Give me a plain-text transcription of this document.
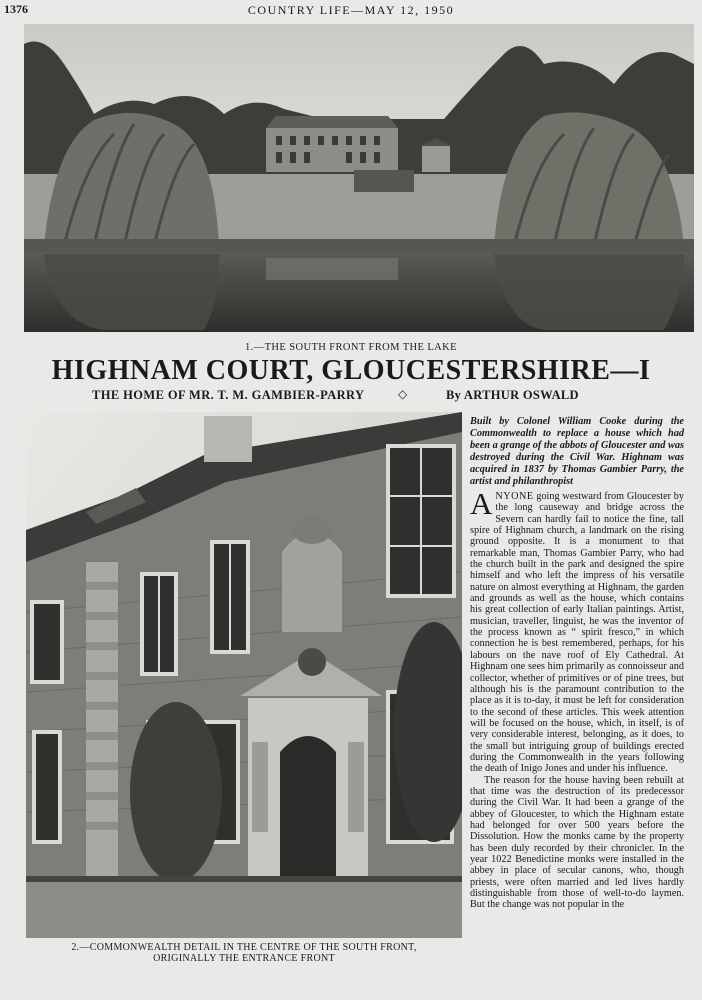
1376	COUNTRY LIFE—MAY 12, 1950
1.—THE SOUTH FRONT FROM THE LAKE
HIGHNAM COURT, GLOUCESTERSHIRE—I
THE HOME OF MR. T. M. GAMBIER-PARRY	◇	By ARTHUR OSWALD
2.—COMMONWEALTH DETAIL IN THE CENTRE OF THE SOUTH FRONT,
ORIGINALLY THE ENTRANCE FRONT
Built by Colonel William Cooke during the Commonwealth to replace a house which had been a grange of the abbots of Gloucester and was destroyed during the Civil War. Highnam was acquired in 1837 by Thomas Gambier Parry, the artist and philanthropist

ANYONE going westward from Gloucester by the long causeway and bridge across the Severn can hardly fail to notice the fine, tall spire of Highnam church, a landmark on the rising ground opposite. It is a monument to that remarkable man, Thomas Gambier Parry, who had the church built in the park and designed the spire himself and who left the impress of his versatile nature on almost everything at Highnam, the garden and grounds as well as the house, which contains his great collection of early Italian paintings. Artist, musician, traveller, linguist, he was the inventor of the process known as “ spirit fresco,” in which connection he is best remembered, perhaps, for his labours on the nave roof of Ely Cathedral. At Highnam one sees him primarily as connoisseur and collector, whether of primitives or of pine trees, but although his is the paramount contribution to the place as it is to-day, it must be left for consideration to the second of these articles. This week attention will be focused on the house, which, in itself, is of very considerable interest, belonging, as it does, to the small but intriguing group of buildings erected during the Commonwealth in the years following the death of Inigo Jones and under his influence.

The reason for the house having been rebuilt at that time was the destruction of its predecessor during the Civil War. It had been a grange of the abbey of Gloucester, to which the Highnam estate had belonged for over 500 years before the Dissolution. How the monks came by the property has been duly recorded by their chronicler. In the year 1022 Benedictine monks were installed in the abbey in place of secular canons, who, though priests, were often married and led lives hardly distinguishable from those of well-to-do laymen. But the change was not popular in the
